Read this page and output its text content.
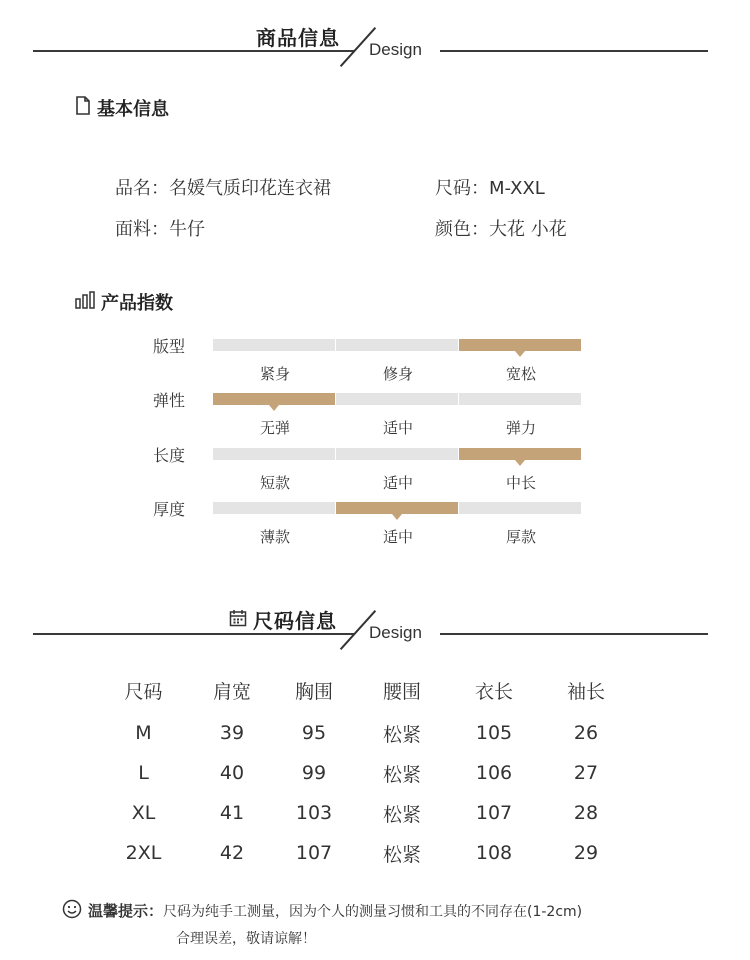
商品信息 Design
基本信息
品名：名媛气质印花连衣裙	尺码：M-XXL
面料：牛仔	颜色：大花 小花
产品指数
版型
紧身	修身	宽松
弹性
无弹	适中	弹力
长度
短款	适中	中长
厚度
薄款	适中	厚款
尺码信息 Design
尺码	肩宽	胸围	腰围	衣长	袖长
M	39	95	松紧	105	26
L	40	99	松紧	106	27
XL	41	103	松紧	107	28
2XL	42	107	松紧	108	29
温馨提示：尺码为纯手工测量，因为个人的测量习惯和工具的不同存在(1-2cm)
合理误差，敬请谅解！
